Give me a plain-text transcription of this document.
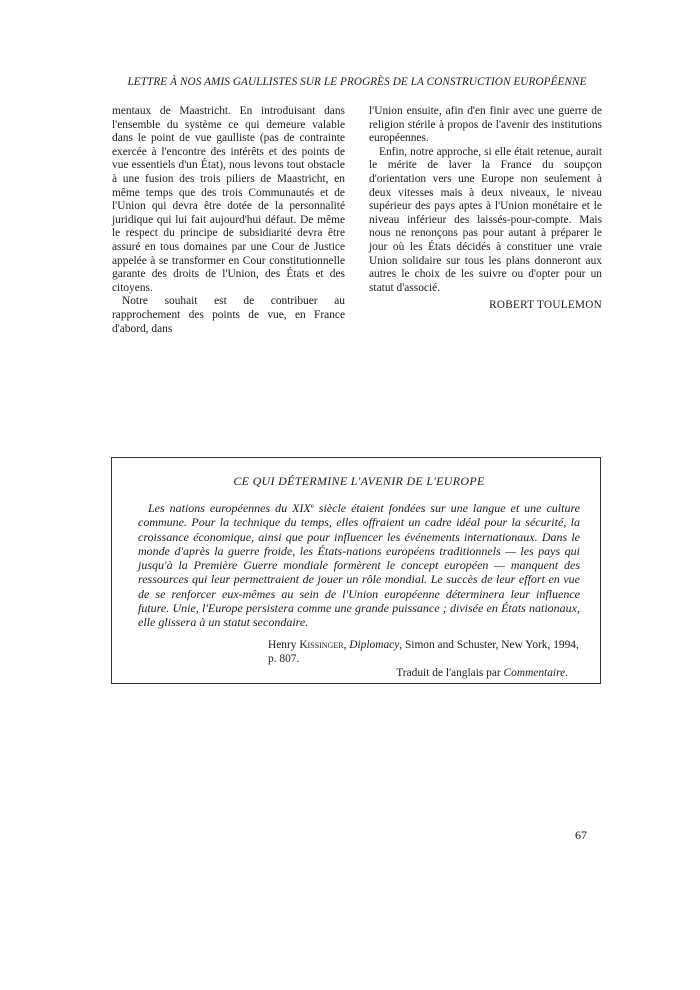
LETTRE À NOS AMIS GAULLISTES SUR LE PROGRÈS DE LA CONSTRUCTION EUROPÉENNE

mentaux de Maastricht. En introduisant dans l'ensemble du système ce qui demeure valable dans le point de vue gaulliste (pas de contrainte exercée à l'encontre des intérêts et des points de vue essentiels d'un État), nous levons tout obstacle à une fusion des trois piliers de Maastricht, en même temps que des trois Communautés et de l'Union qui devra être dotée de la personnalité juridique qui lui fait aujourd'hui défaut. De même le respect du principe de subsidiarité devra être assuré en tous domaines par une Cour de Justice appelée à se transformer en Cour constitutionnelle garante des droits de l'Union, des États et des citoyens.

Notre souhait est de contribuer au rapprochement des points de vue, en France d'abord, dans

l'Union ensuite, afin d'en finir avec une guerre de religion stérile à propos de l'avenir des institutions européennes.

Enfin, notre approche, si elle était retenue, aurait le mérite de laver la France du soupçon d'orientation vers une Europe non seulement à deux vitesses mais à deux niveaux, le niveau supérieur des pays aptes à l'Union monétaire et le niveau inférieur des laissés-pour-compte. Mais nous ne renonçons pas pour autant à préparer le jour où les États décidés à constituer une vraie Union solidaire sur tous les plans donneront aux autres le choix de les suivre ou d'opter pour un statut d'associé.

ROBERT TOULEMON
CE QUI DÉTERMINE L'AVENIR DE L'EUROPE

Les nations européennes du XIXe siècle étaient fondées sur une langue et une culture commune. Pour la technique du temps, elles offraient un cadre idéal pour la sécurité, la croissance économique, ainsi que pour influencer les événements internationaux. Dans le monde d'après la guerre froide, les États-nations européens traditionnels — les pays qui jusqu'à la Première Guerre mondiale formèrent le concept européen — manquent des ressources qui leur permettraient de jouer un rôle mondial. Le succès de leur effort en vue de se renforcer eux-mêmes au sein de l'Union européenne déterminera leur influence future. Unie, l'Europe persistera comme une grande puissance ; divisée en États nationaux, elle glissera à un statut secondaire.

Henry Kissinger, Diplomacy, Simon and Schuster, New York, 1994, p. 807.
Traduit de l'anglais par Commentaire.
67
